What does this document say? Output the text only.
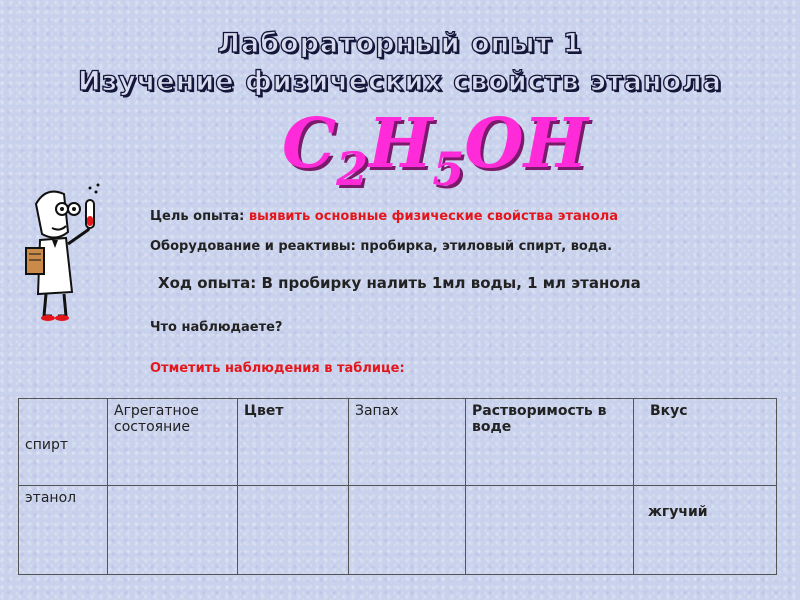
Лабораторный опыт 1
Изучение физических свойств этанола
$C_2H_5OH$
Цель опыта: выявить основные физические свойства этанола
Оборудование и реактивы: пробирка, этиловый спирт, вода.
Ход опыта: В пробирку налить 1мл воды, 1 мл этанола
Что наблюдаете?
Отметить наблюдения в таблице:
спирт	Агрегатное состояние	Цвет	Запах	Растворимость в воде	Вкус

этанол					жгучий
